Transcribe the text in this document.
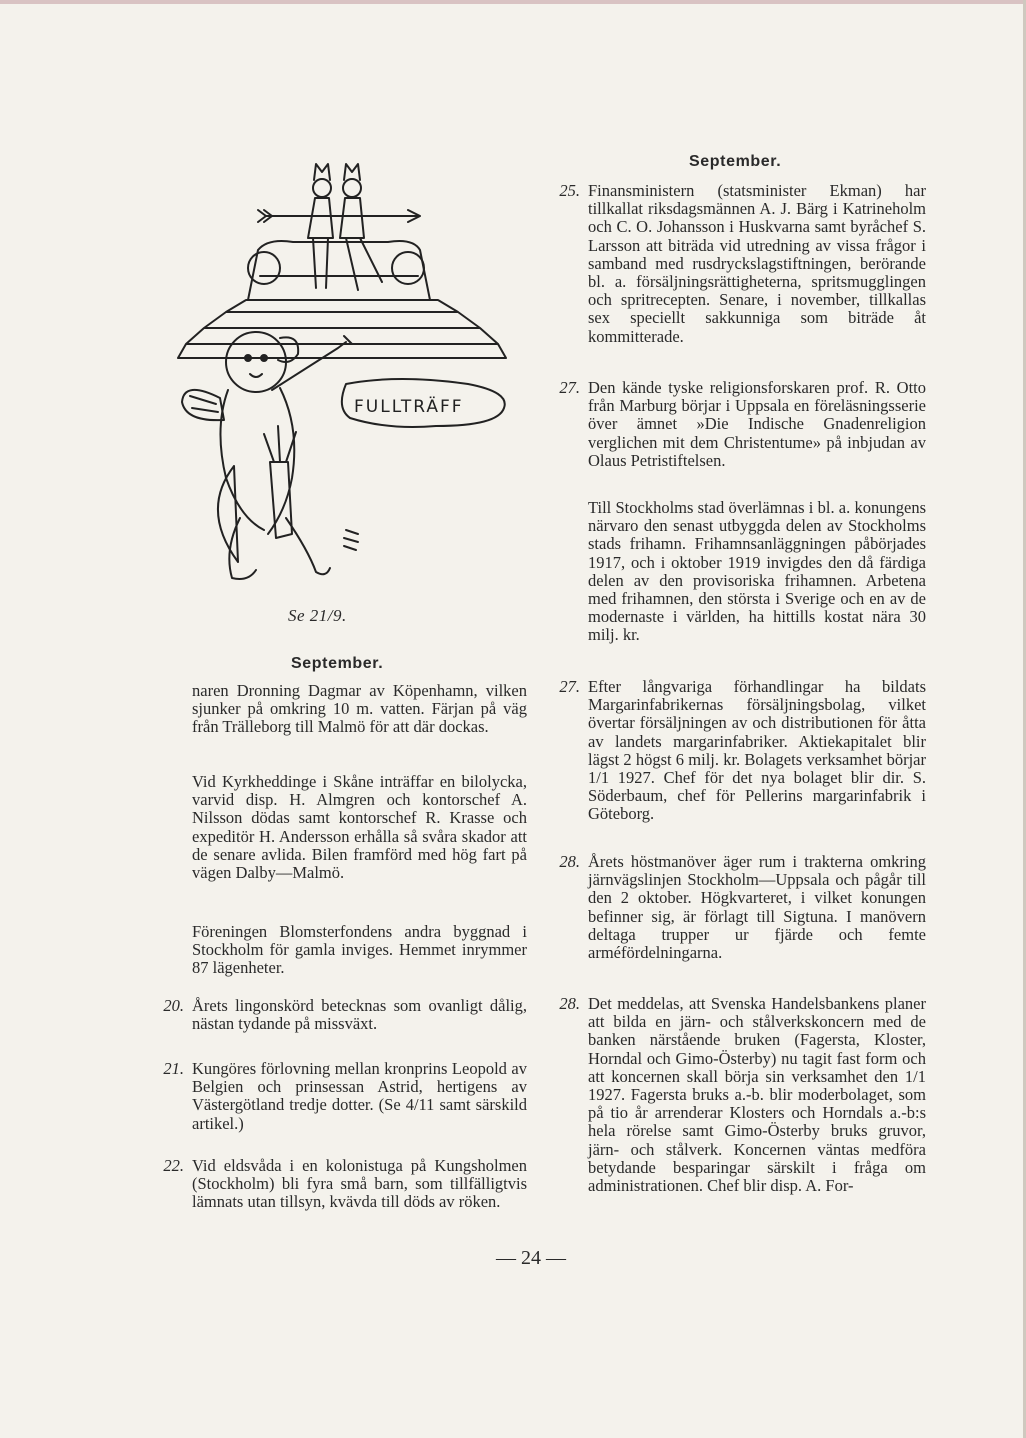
FULLTRÄFF
Se 21/9.
September.
naren Dronning Dagmar av Köpenhamn, vilken sjunker på omkring 10 m. vatten. Färjan på väg från Trälleborg till Malmö för att där dockas.
Vid Kyrkheddinge i Skåne inträffar en bilolycka, varvid disp. H. Almgren och kontorschef A. Nilsson dödas samt kontorschef R. Krasse och expeditör H. Andersson erhålla så svåra skador att de senare avlida. Bilen framförd med hög fart på vägen Dalby—Malmö.
Föreningen Blomsterfondens andra byggnad i Stockholm för gamla inviges. Hemmet inrymmer 87 lägenheter.
20. Årets lingonskörd betecknas som ovanligt dålig, nästan tydande på missväxt.
21. Kungöres förlovning mellan kronprins Leopold av Belgien och prinsessan Astrid, hertigens av Västergötland tredje dotter. (Se 4/11 samt särskild artikel.)
22. Vid eldsvåda i en kolonistuga på Kungsholmen (Stockholm) bli fyra små barn, som tillfälligtvis lämnats utan tillsyn, kvävda till döds av röken.
September.
25. Finansministern (statsminister Ekman) har tillkallat riksdagsmännen A. J. Bärg i Katrineholm och C. O. Johansson i Huskvarna samt byråchef S. Larsson att biträda vid utredning av vissa frågor i samband med rusdryckslagstiftningen, berörande bl. a. försäljningsrättigheterna, spritsmugglingen och spritrecepten. Senare, i november, tillkallas sex speciellt sakkunniga som biträde åt kommitterade.
27. Den kände tyske religionsforskaren prof. R. Otto från Marburg börjar i Uppsala en föreläsningsserie över ämnet »Die Indische Gnadenreligion verglichen mit dem Christentume» på inbjudan av Olaus Petristiftelsen.
Till Stockholms stad överlämnas i bl. a. konungens närvaro den senast utbyggda delen av Stockholms stads frihamn. Frihamnsanläggningen påbörjades 1917, och i oktober 1919 invigdes den då färdiga delen av den provisoriska frihamnen. Arbetena med frihamnen, den största i Sverige och en av de modernaste i världen, ha hittills kostat nära 30 milj. kr.
27. Efter långvariga förhandlingar ha bildats Margarinfabrikernas försäljningsbolag, vilket övertar försäljningen av och distributionen för åtta av landets margarinfabriker. Aktiekapitalet blir lägst 2 högst 6 milj. kr. Bolagets verksamhet börjar 1/1 1927. Chef för det nya bolaget blir dir. S. Söderbaum, chef för Pellerins margarinfabrik i Göteborg.
28. Årets höstmanöver äger rum i trakterna omkring järnvägslinjen Stockholm—Uppsala och pågår till den 2 oktober. Högkvarteret, i vilket konungen befinner sig, är förlagt till Sigtuna. I manövern deltaga trupper ur fjärde och femte arméfördelningarna.
28. Det meddelas, att Svenska Handelsbankens planer att bilda en järn- och stålverkskoncern med de banken närstående bruken (Fagersta, Kloster, Horndal och Gimo-Österby) nu tagit fast form och att koncernen skall börja sin verksamhet den 1/1 1927. Fagersta bruks a.-b. blir moderbolaget, som på tio år arrenderar Klosters och Horndals a.-b:s hela rörelse samt Gimo-Österby bruks gruvor, järn- och stålverk. Koncernen väntas medföra betydande besparingar särskilt i fråga om administrationen. Chef blir disp. A. For-
— 24 —
